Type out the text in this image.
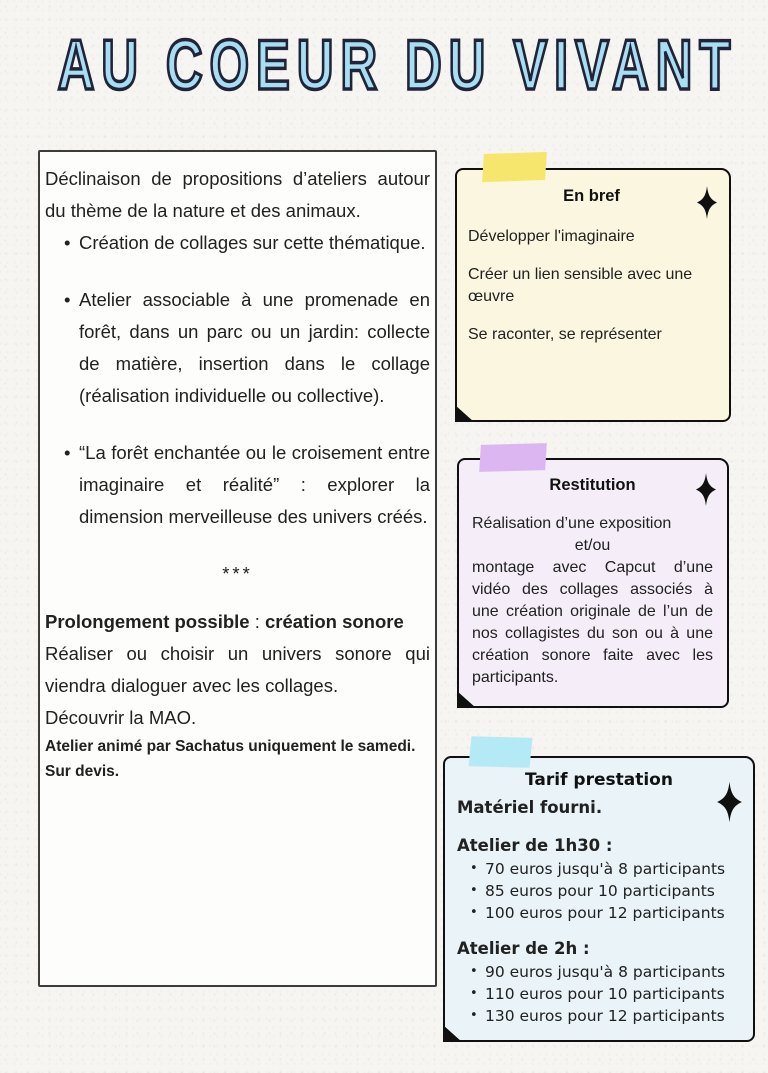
AU COEUR DU VIVANT

Déclinaison de propositions d’ateliers autour du thème de la nature et des animaux.

• Création de collages sur cette thématique.
• Atelier associable à une promenade en forêt, dans un parc ou un jardin: collecte de matière, insertion dans le collage (réalisation individuelle ou collective).
• “La forêt enchantée ou le croisement entre imaginaire et réalité” : explorer la dimension merveilleuse des univers créés.
***

Prolongement possible : création sonore

Réaliser ou choisir un univers sonore qui viendra dialoguer avec les collages.

Découvrir la MAO.

Atelier animé par Sachatus uniquement le samedi. Sur devis.

En bref

Développer l'imaginaire

Créer un lien sensible avec une œuvre

Se raconter, se représenter

Restitution
Réalisation d’une exposition
et/ou

montage avec Capcut d’une vidéo des collages associés à une création originale de l’un de nos collagistes du son ou à une création sonore faite avec les participants.

Tarif prestation

Matériel fourni.

Atelier de 1h30 :
• 70 euros jusqu'à 8 participants
• 85 euros pour 10 participants
• 100 euros pour 12 participants
Atelier de 2h :
• 90 euros jusqu'à 8 participants
• 110 euros pour 10 participants
• 130 euros pour 12 participants
